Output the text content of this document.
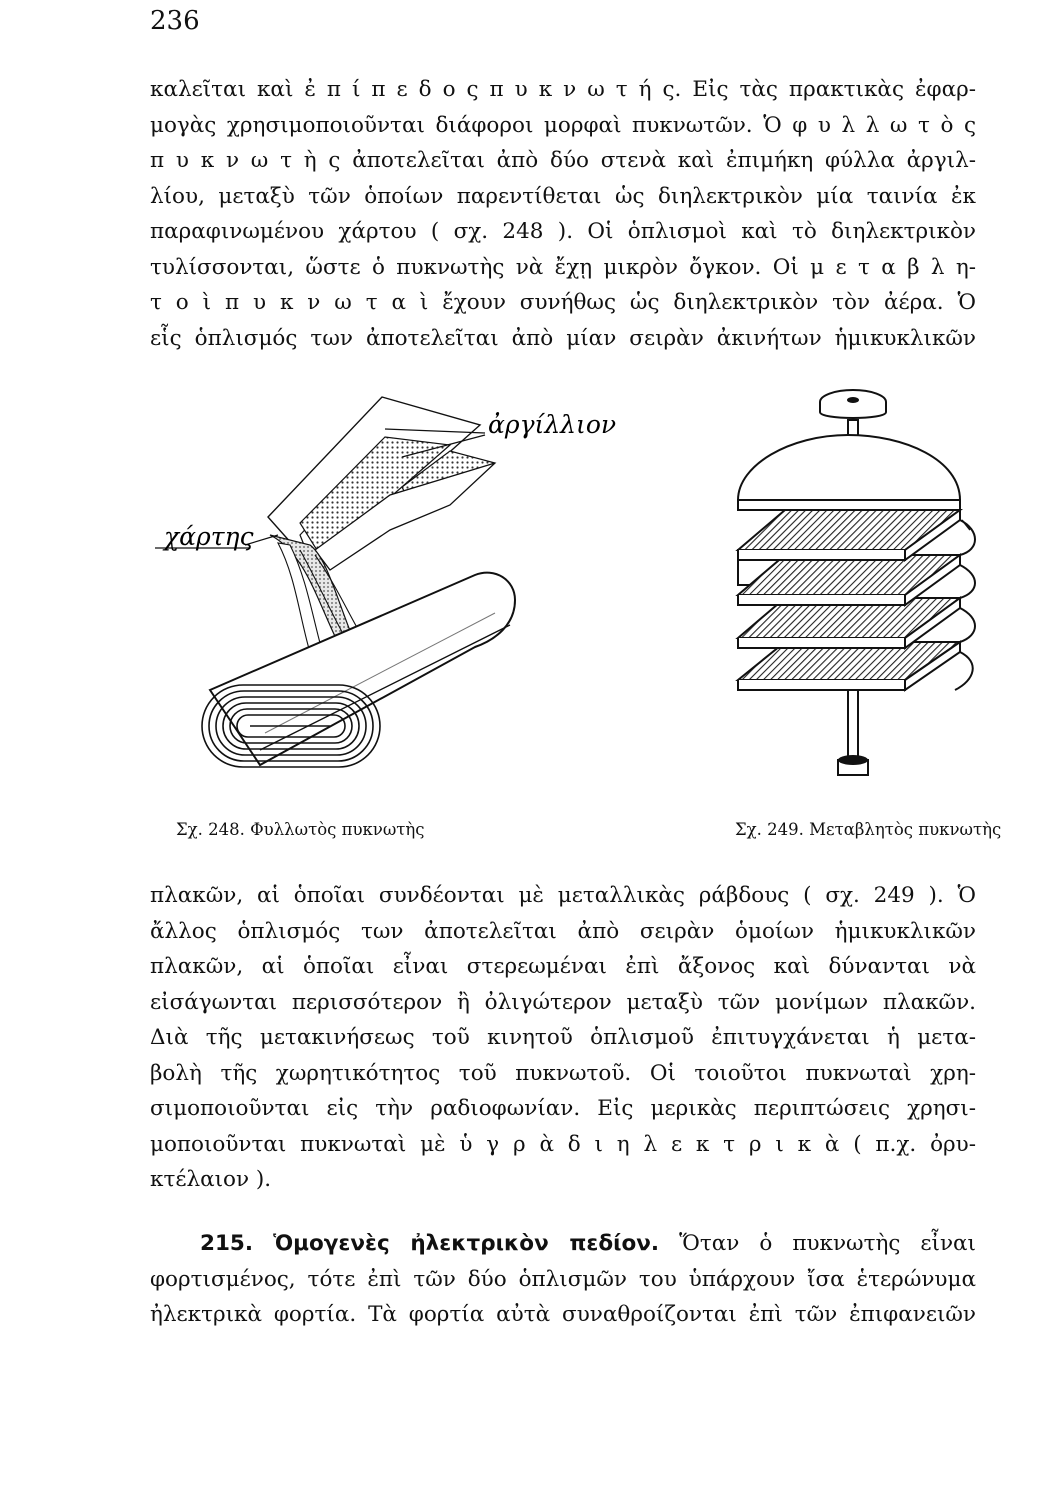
236
καλεῖται καὶ ἐ π ί π ε δ ο ς π υ κ ν ω τ ή ς. Εἰς τὰς πρακτικὰς ἐφαρ-
μογὰς χρησιμοποιοῦνται διάφοροι μορφαὶ πυκνωτῶν. Ὁ φ υ λ λ ω τ ὸ ς
π υ κ ν ω τ ὴ ς ἀποτελεῖται ἀπὸ δύο στενὰ καὶ ἐπιμήκη φύλλα ἀργιλ-
λίου, μεταξὺ τῶν ὁποίων παρεντίθεται ὡς διηλεκτρικὸν μία ταινία ἐκ
παραφινωμένου χάρτου ( σχ. 248 ). Οἱ ὁπλισμοὶ καὶ τὸ διηλεκτρικὸν
τυλίσσονται, ὥστε ὁ πυκνωτὴς νὰ ἔχῃ μικρὸν ὄγκον. Οἱ μ ε τ α β λ η-
τ ο ὶ π υ κ ν ω τ α ὶ ἔχουν συνήθως ὡς διηλεκτρικὸν τὸν ἀέρα. Ὁ
εἷς ὁπλισμός των ἀποτελεῖται ἀπὸ μίαν σειρὰν ἀκινήτων ἡμικυκλικῶν
ἀργίλλιον
χάρτης
Σχ. 248. Φυλλωτὸς πυκνωτὴς	Σχ. 249. Μεταβλητὸς πυκνωτὴς
πλακῶν, αἱ ὁποῖαι συνδέονται μὲ μεταλλικὰς ράβδους ( σχ. 249 ). Ὁ
ἄλλος ὁπλισμός των ἀποτελεῖται ἀπὸ σειρὰν ὁμοίων ἡμικυκλικῶν
πλακῶν, αἱ ὁποῖαι εἶναι στερεωμέναι ἐπὶ ἄξονος καὶ δύνανται νὰ
εἰσάγωνται περισσότερον ἢ ὀλιγώτερον μεταξὺ τῶν μονίμων πλακῶν.
Διὰ τῆς μετακινήσεως τοῦ κινητοῦ ὁπλισμοῦ ἐπιτυγχάνεται ἡ μετα-
βολὴ τῆς χωρητικότητος τοῦ πυκνωτοῦ. Οἱ τοιοῦτοι πυκνωταὶ χρη-
σιμοποιοῦνται εἰς τὴν ραδιοφωνίαν. Εἰς μερικὰς περιπτώσεις χρησι-
μοποιοῦνται πυκνωταὶ μὲ ὑ γ ρ ὰ δ ι η λ ε κ τ ρ ι κ ὰ ( π.χ. ὀρυ-
κτέλαιον ).
215. Ὁμογενὲς ἠλεκτρικὸν πεδίον. Ὅταν ὁ πυκνωτὴς εἶναι
φορτισμένος, τότε ἐπὶ τῶν δύο ὁπλισμῶν του ὑπάρχουν ἴσα ἑτερώνυμα
ἠλεκτρικὰ φορτία. Τὰ φορτία αὐτὰ συναθροίζονται ἐπὶ τῶν ἐπιφανειῶν
